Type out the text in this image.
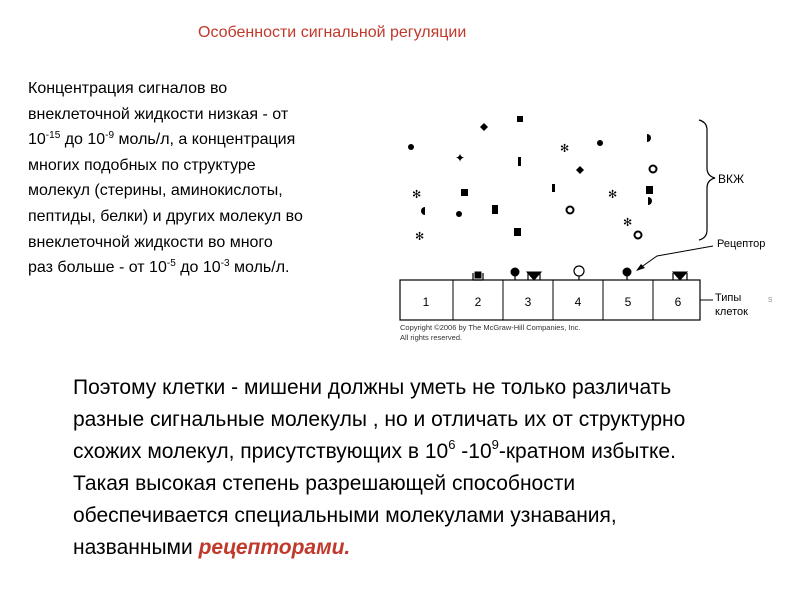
Особенности сигнальной регуляции
Концентрация сигналов во
внеклеточной жидкости низкая - от
$10^{-15}$ до $10^{-9}$ моль/л, а концентрация
многих подобных по структуре
молекул (стерины, аминокислоты,
пептиды, белки) и других молекул во
внеклеточной жидкости во много
раз больше - от $10^{-5}$ до $10^{-3}$ моль/л.
✦
✻
✻	✻
✻
✻
ВКЖ
Рецептор
1	2	3	4	5	6	Типы
клеток
s
Copyright ©2006 by The McGraw-Hill Companies, Inc.
All rights reserved.
Поэтому клетки - мишени должны уметь не только различать
разные сигнальные молекулы , но и отличать их от структурно
схожих молекул, присутствующих в $10^6$ $-10^9$-кратном избытке.
Такая высокая степень разрешающей способности
обеспечивается специальными молекулами узнавания,
названными рецепторами.
